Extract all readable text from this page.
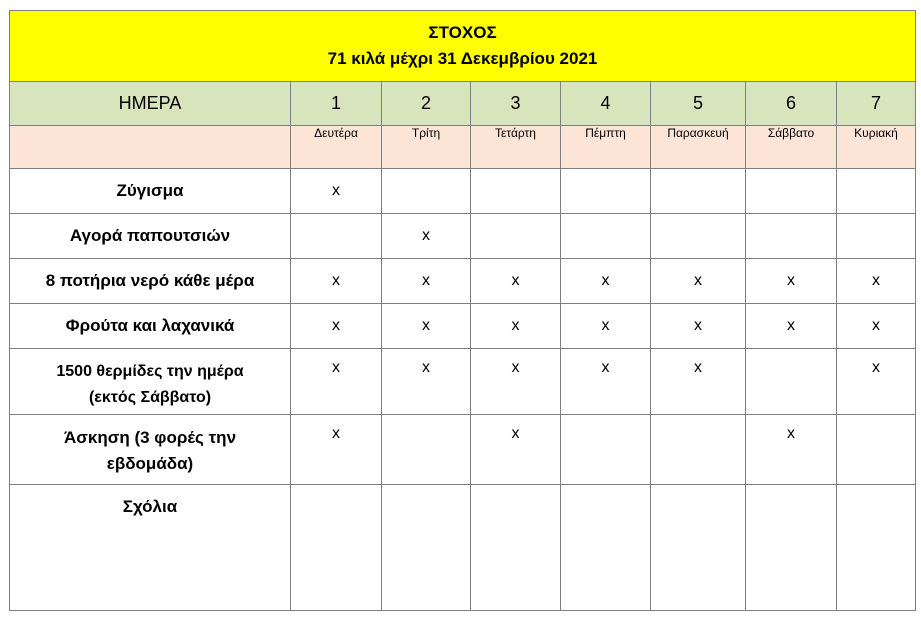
ΣΤΟΧΟΣ
71 κιλά μέχρι 31 Δεκεμβρίου 2021							

ΗΜΕΡΑ	1	2	3	4	5	6	7
	Δευτέρα	Τρίτη	Τετάρτη	Πέμπτη	Παρασκευή	Σάββατο	Κυριακή
Ζύγισμα	x						
Αγορά παπουτσιών		x					
8 ποτήρια νερό κάθε μέρα	x	x	x	x	x	x	x
Φρούτα και λαχανικά	x	x	x	x	x	x	x

1500 θερμίδες την ημέρα
(εκτός Σάββατο)	x	x	x	x	x		x

Άσκηση (3 φορές την
εβδομάδα)	x		x			x	
Σχόλια							
